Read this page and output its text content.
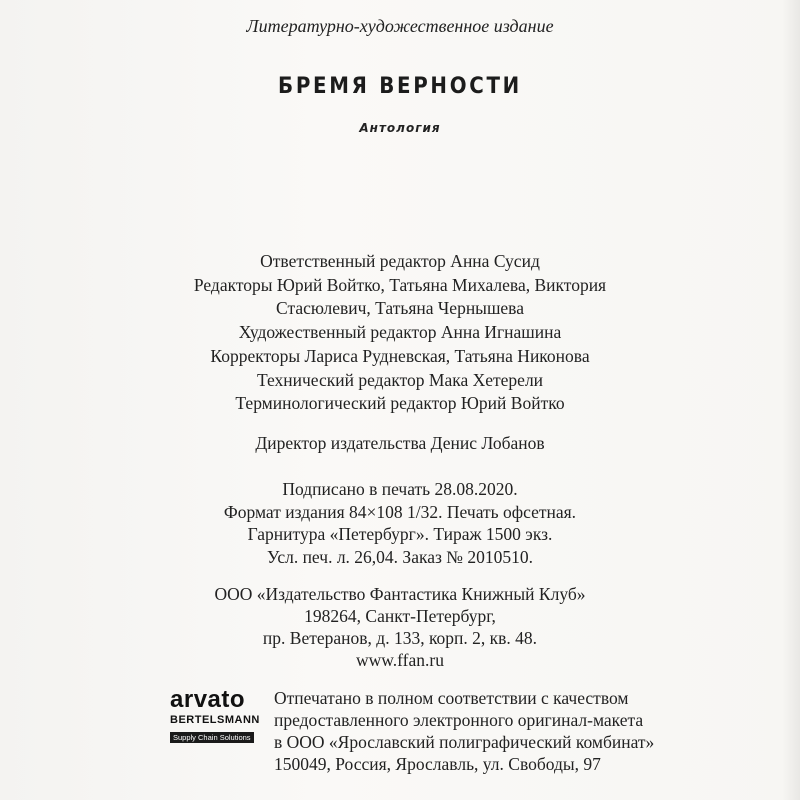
Литературно-художественное издание
БРЕМЯ ВЕРНОСТИ
Антология
Ответственный редактор Анна Сусид
Редакторы Юрий Войтко, Татьяна Михалева, Виктория
Стасюлевич, Татьяна Чернышева
Художественный редактор Анна Игнашина
Корректоры Лариса Рудневская, Татьяна Никонова
Технический редактор Мака Хетерели
Терминологический редактор Юрий Войтко
Директор издательства Денис Лобанов
Подписано в печать 28.08.2020.
Формат издания 84×108 1/32. Печать офсетная.
Гарнитура «Петербург». Тираж 1500 экз.
Усл. печ. л. 26,04. Заказ № 2010510.
ООО «Издательство Фантастика Книжный Клуб»
198264, Санкт-Петербург,
пр. Ветеранов, д. 133, корп. 2, кв. 48.
www.ffan.ru
arvato
BERTELSMANN
Supply Chain Solutions
Отпечатано в полном соответствии с качеством
предоставленного электронного оригинал-макета
в ООО «Ярославский полиграфический комбинат»
150049, Россия, Ярославль, ул. Свободы, 97
